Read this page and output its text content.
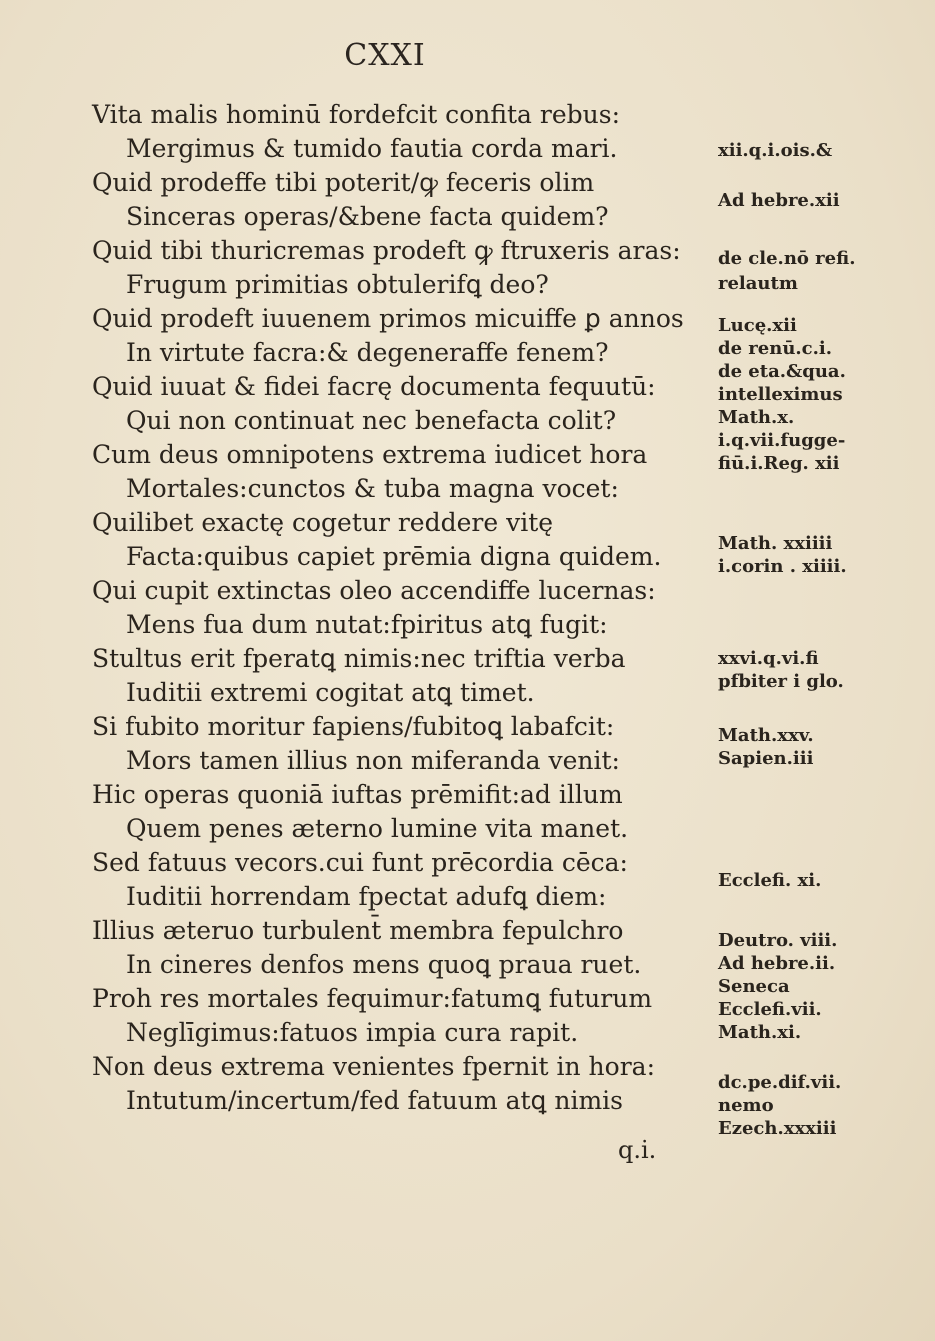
CXXI
Vita malis hominū fordefcit confita rebus:
Mergimus & tumido fautia corda mari.
Quid prodeffe tibi poterit/ꝙ feceris olim
Sinceras operas/&bene facta quidem?
Quid tibi thuricremas prodeft ꝙ ftruxeris aras:
Frugum primitias obtulerifꝗ deo?
Quid prodeft iuuenem primos micuiffe ꝑ annos
In virtute facra:& degeneraffe fenem?
Quid iuuat & fidei facrę documenta fequutū:
Qui non continuat nec benefacta colit?
Cum deus omnipotens extrema iudicet hora
Mortales:cunctos & tuba magna vocet:
Quilibet exactę cogetur reddere vitę
Facta:quibus capiet prēmia digna quidem.
Qui cupit extinctas oleo accendiffe lucernas:
Mens fua dum nutat:fpiritus atꝗ fugit:
Stultus erit fperatꝗ nimis:nec triftia verba
Iuditii extremi cogitat atꝗ timet.
Si fubito moritur fapiens/fubitoꝗ labafcit:
Mors tamen illius non miferanda venit:
Hic operas quoniā iuftas prēmifit:ad illum
Quem penes æterno lumine vita manet.
Sed fatuus vecors.cui funt prēcordia cēca:
Iuditii horrendam fpectat adufꝗ diem:
Illius æteruo turbulent̄ membra fepulchro
In cineres denfos mens quoꝗ praua ruet.
Proh res mortales fequimur:fatumꝗ futurum
Neglīgimus:fatuos impia cura rapit.
Non deus extrema venientes fpernit in hora:
Intutum/incertum/fed fatuum atꝗ nimis
q.i.
xii.q.i.ois.&
Ad hebre.xii
de cle.nō refi.
relautm
Lucę.xii
de renū.c.i.
de eta.&qua.
intelleximus
Math.x.
i.q.vii.fugge-
fiū.i.Reg. xii
Math. xxiiii
i.corin . xiiii.
xxvi.q.vi.fi
pfbiter i glo.
Math.xxv.
Sapien.iii
Ecclefi. xi.
Deutro. viii.
Ad hebre.ii.
Seneca
Ecclefi.vii.
Math.xi.
dc.pe.dif.vii.
nemo
Ezech.xxxiii
